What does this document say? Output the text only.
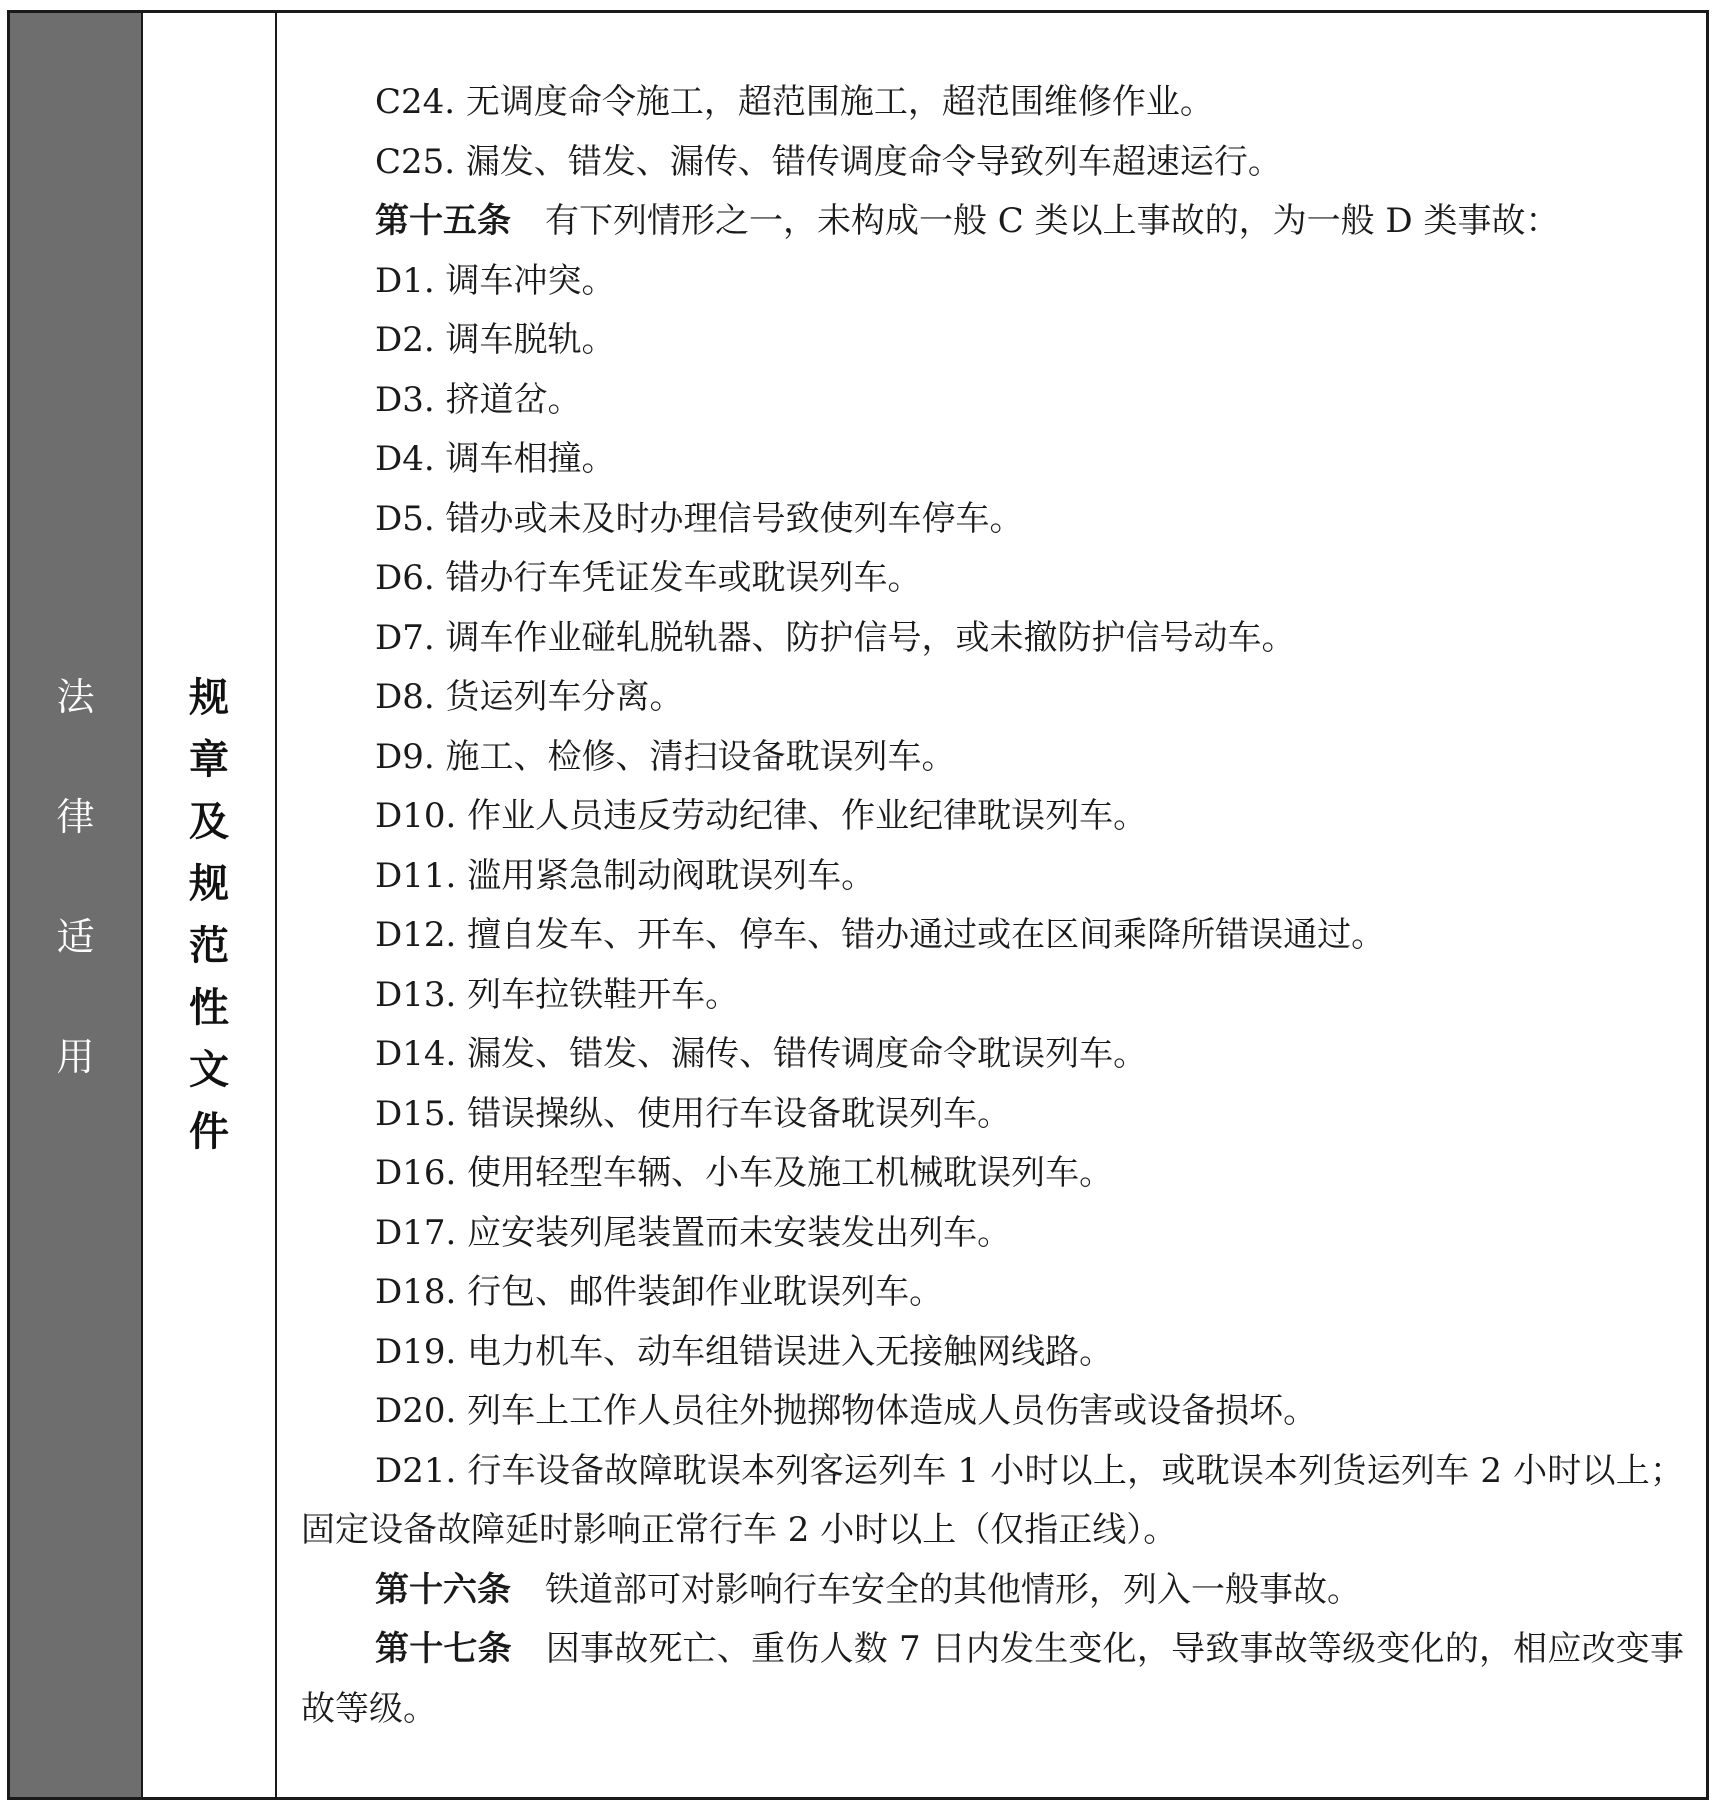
法
律
适
用
规
章
及
规
范
性
文
件
C24. 无调度命令施工，超范围施工，超范围维修作业。
C25. 漏发、错发、漏传、错传调度命令导致列车超速运行。
第十五条 有下列情形之一，未构成一般 C 类以上事故的，为一般 D 类事故：
D1. 调车冲突。
D2. 调车脱轨。
D3. 挤道岔。
D4. 调车相撞。
D5. 错办或未及时办理信号致使列车停车。
D6. 错办行车凭证发车或耽误列车。
D7. 调车作业碰轧脱轨器、防护信号，或未撤防护信号动车。
D8. 货运列车分离。
D9. 施工、检修、清扫设备耽误列车。
D10. 作业人员违反劳动纪律、作业纪律耽误列车。
D11. 滥用紧急制动阀耽误列车。
D12. 擅自发车、开车、停车、错办通过或在区间乘降所错误通过。
D13. 列车拉铁鞋开车。
D14. 漏发、错发、漏传、错传调度命令耽误列车。
D15. 错误操纵、使用行车设备耽误列车。
D16. 使用轻型车辆、小车及施工机械耽误列车。
D17. 应安装列尾装置而未安装发出列车。
D18. 行包、邮件装卸作业耽误列车。
D19. 电力机车、动车组错误进入无接触网线路。
D20. 列车上工作人员往外抛掷物体造成人员伤害或设备损坏。
D21. 行车设备故障耽误本列客运列车 1 小时以上，或耽误本列货运列车 2 小时以上；固定设备故障延时影响正常行车 2 小时以上（仅指正线）。
第十六条 铁道部可对影响行车安全的其他情形，列入一般事故。
第十七条 因事故死亡、重伤人数 7 日内发生变化，导致事故等级变化的，相应改变事故等级。
